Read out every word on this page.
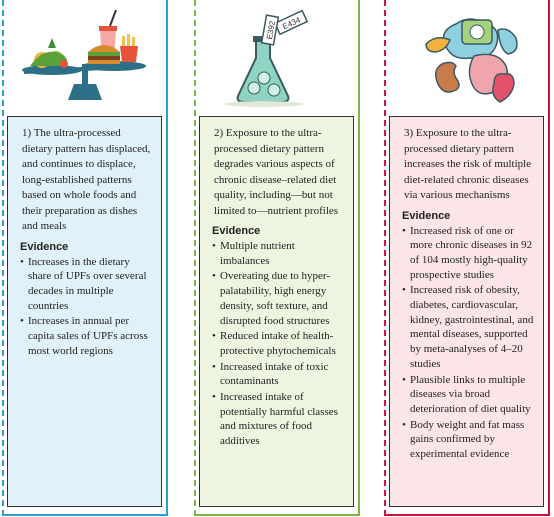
1) The ultra-processed dietary pattern has displaced, and continues to displace, long-established patterns based on whole foods and their preparation as dishes and meals

Evidence
• Increases in the dietary share of UPFs over several decades in multiple countries
• Increases in annual per capita sales of UPFs across most world regions
E434
E392

2) Exposure to the ultra-processed dietary pattern degrades various aspects of chronic disease–related diet quality, including—but not limited to—nutrient profiles

Evidence
• Multiple nutrient imbalances
• Overeating due to hyper-palatability, high energy density, soft texture, and disrupted food structures
• Reduced intake of health-protective phytochemicals
• Increased intake of toxic contaminants
• Increased intake of potentially harmful classes and mixtures of food additives

3) Exposure to the ultra-processed dietary pattern increases the risk of multiple diet-related chronic diseases via various mechanisms

Evidence
• Increased risk of one or more chronic diseases in 92 of 104 mostly high-quality prospective studies
• Increased risk of obesity, diabetes, cardiovascular, kidney, gastrointestinal, and mental diseases, supported by meta-analyses of 4–20 studies
• Plausible links to multiple diseases via broad deterioration of diet quality
• Body weight and fat mass gains confirmed by experimental evidence
